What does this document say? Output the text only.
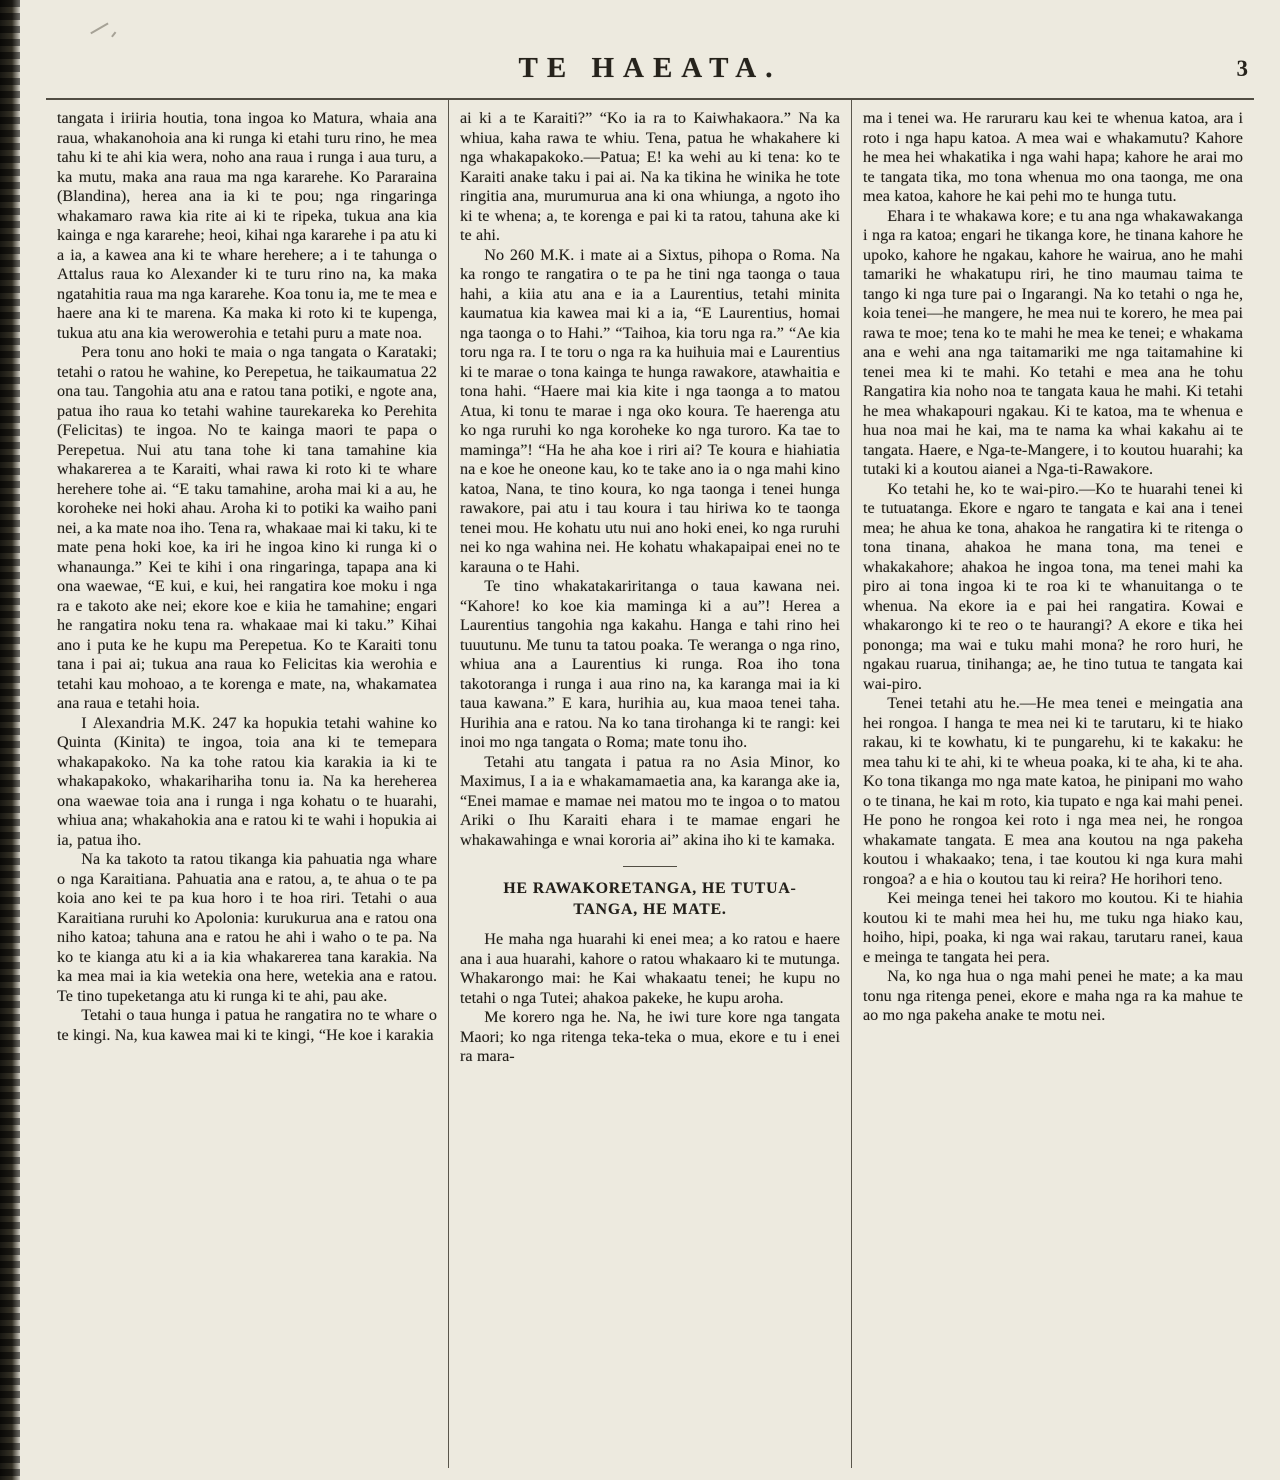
TE HAEATA.	3

tangata i iriiria houtia, tona ingoa ko Matura, whaia ana raua, whakanohoia ana ki runga ki etahi turu rino, he mea tahu ki te ahi kia wera, noho ana raua i runga i aua turu, a ka mutu, maka ana raua ma nga kararehe. Ko Pararaina (Blandina), herea ana ia ki te pou; nga ringaringa whakamaro rawa kia rite ai ki te ripeka, tukua ana kia kainga e nga kararehe; heoi, kihai nga kararehe i pa atu ki a ia, a kawea ana ki te whare herehere; a i te tahunga o Attalus raua ko Alexander ki te turu rino na, ka maka ngatahitia raua ma nga kararehe. Koa tonu ia, me te mea e haere ana ki te marena. Ka maka ki roto ki te kupenga, tukua atu ana kia werowerohia e tetahi puru a mate noa.

Pera tonu ano hoki te maia o nga tangata o Karataki; tetahi o ratou he wahine, ko Perepetua, he taikaumatua 22 ona tau. Tangohia atu ana e ratou tana potiki, e ngote ana, patua iho raua ko tetahi wahine taurekareka ko Perehita (Felicitas) te ingoa. No te kainga maori te papa o Perepetua. Nui atu tana tohe ki tana tamahine kia whakarerea a te Karaiti, whai rawa ki roto ki te whare herehere tohe ai. “E taku tamahine, aroha mai ki a au, he koroheke nei hoki ahau. Aroha ki to potiki ka waiho pani nei, a ka mate noa iho. Tena ra, whakaae mai ki taku, ki te mate pena hoki koe, ka iri he ingoa kino ki runga ki o whanaunga.” Kei te kihi i ona ringaringa, tapapa ana ki ona waewae, “E kui, e kui, hei rangatira koe moku i nga ra e takoto ake nei; ekore koe e kiia he tamahine; engari he rangatira noku tena ra. whakaae mai ki taku.” Kihai ano i puta ke he kupu ma Perepetua. Ko te Karaiti tonu tana i pai ai; tukua ana raua ko Felicitas kia werohia e tetahi kau mohoao, a te korenga e mate, na, whakamatea ana raua e tetahi hoia.

I Alexandria M.K. 247 ka hopukia tetahi wahine ko Quinta (Kinita) te ingoa, toia ana ki te temepara whakapakoko. Na ka tohe ratou kia karakia ia ki te whakapakoko, whakarihariha tonu ia. Na ka hereherea ona waewae toia ana i runga i nga kohatu o te huarahi, whiua ana; whakahokia ana e ratou ki te wahi i hopukia ai ia, patua iho.

Na ka takoto ta ratou tikanga kia pahuatia nga whare o nga Karaitiana. Pahuatia ana e ratou, a, te ahua o te pa koia ano kei te pa kua horo i te hoa riri. Tetahi o aua Karaitiana ruruhi ko Apolonia: kurukurua ana e ratou ona niho katoa; tahuna ana e ratou he ahi i waho o te pa. Na ko te kianga atu ki a ia kia whakarerea tana karakia. Na ka mea mai ia kia wetekia ona here, wetekia ana e ratou. Te tino tupeketanga atu ki runga ki te ahi, pau ake.

Tetahi o taua hunga i patua he rangatira no te whare o te kingi. Na, kua kawea mai ki te kingi, “He koe i karakia

ai ki a te Karaiti?” “Ko ia ra to Kaiwhakaora.” Na ka whiua, kaha rawa te whiu. Tena, patua he whakahere ki nga whakapakoko.—Patua; E! ka wehi au ki tena: ko te Karaiti anake taku i pai ai. Na ka tikina he winika he tote ringitia ana, murumurua ana ki ona whiunga, a ngoto iho ki te whena; a, te korenga e pai ki ta ratou, tahuna ake ki te ahi.

No 260 M.K. i mate ai a Sixtus, pihopa o Roma. Na ka rongo te rangatira o te pa he tini nga taonga o taua hahi, a kiia atu ana e ia a Laurentius, tetahi minita kaumatua kia kawea mai ki a ia, “E Laurentius, homai nga taonga o to Hahi.” “Taihoa, kia toru nga ra.” “Ae kia toru nga ra. I te toru o nga ra ka huihuia mai e Laurentius ki te marae o tona kainga te hunga rawakore, atawhaitia e tona hahi. “Haere mai kia kite i nga taonga a to matou Atua, ki tonu te marae i nga oko koura. Te haerenga atu ko nga ruruhi ko nga koroheke ko nga turoro. Ka tae to maminga”! “Ha he aha koe i riri ai? Te koura e hiahiatia na e koe he oneone kau, ko te take ano ia o nga mahi kino katoa, Nana, te tino koura, ko nga taonga i tenei hunga rawakore, pai atu i tau koura i tau hiriwa ko te taonga tenei mou. He kohatu utu nui ano hoki enei, ko nga ruruhi nei ko nga wahina nei. He kohatu whakapaipai enei no te karauna o te Hahi.

Te tino whakatakariritanga o taua kawana nei. “Kahore! ko koe kia maminga ki a au”! Herea a Laurentius tangohia nga kakahu. Hanga e tahi rino hei tuuutunu. Me tunu ta tatou poaka. Te weranga o nga rino, whiua ana a Laurentius ki runga. Roa iho tona takotoranga i runga i aua rino na, ka karanga mai ia ki taua kawana.” E kara, hurihia au, kua maoa tenei taha. Hurihia ana e ratou. Na ko tana tirohanga ki te rangi: kei inoi mo nga tangata o Roma; mate tonu iho.

Tetahi atu tangata i patua ra no Asia Minor, ko Maximus, I a ia e whakamamaetia ana, ka karanga ake ia, “Enei mamae e mamae nei matou mo te ingoa o to matou Ariki o Ihu Karaiti ehara i te mamae engari he whakawahinga e wnai kororia ai” akina iho ki te kamaka.

HE RAWAKORETANGA, HE TUTUA-TANGA, HE MATE.

He maha nga huarahi ki enei mea; a ko ratou e haere ana i aua huarahi, kahore o ratou whakaaro ki te mutunga. Whakarongo mai: he Kai whakaatu tenei; he kupu no tetahi o nga Tutei; ahakoa pakeke, he kupu aroha.

Me korero nga he. Na, he iwi ture kore nga tangata Maori; ko nga ritenga teka-teka o mua, ekore e tu i enei ra mara-

ma i tenei wa. He raruraru kau kei te whenua katoa, ara i roto i nga hapu katoa. A mea wai e whakamutu? Kahore he mea hei whakatika i nga wahi hapa; kahore he arai mo te tangata tika, mo tona whenua mo ona taonga, me ona mea katoa, kahore he kai pehi mo te hunga tutu.

Ehara i te whakawa kore; e tu ana nga whakawakanga i nga ra katoa; engari he tikanga kore, he tinana kahore he upoko, kahore he ngakau, kahore he wairua, ano he mahi tamariki he whakatupu riri, he tino maumau taima te tango ki nga ture pai o Ingarangi. Na ko tetahi o nga he, koia tenei—he mangere, he mea nui te korero, he mea pai rawa te moe; tena ko te mahi he mea ke tenei; e whakama ana e wehi ana nga taitamariki me nga taitamahine ki tenei mea ki te mahi. Ko tetahi e mea ana he tohu Rangatira kia noho noa te tangata kaua he mahi. Ki tetahi he mea whakapouri ngakau. Ki te katoa, ma te whenua e hua noa mai he kai, ma te nama ka whai kakahu ai te tangata. Haere, e Nga-te-Mangere, i to koutou huarahi; ka tutaki ki a koutou aianei a Nga-ti-Rawakore.

Ko tetahi he, ko te wai-piro.—Ko te huarahi tenei ki te tutuatanga. Ekore e ngaro te tangata e kai ana i tenei mea; he ahua ke tona, ahakoa he rangatira ki te ritenga o tona tinana, ahakoa he mana tona, ma tenei e whakakahore; ahakoa he ingoa tona, ma tenei mahi ka piro ai tona ingoa ki te roa ki te whanuitanga o te whenua. Na ekore ia e pai hei rangatira. Kowai e whakarongo ki te reo o te haurangi? A ekore e tika hei pononga; ma wai e tuku mahi mona? he roro huri, he ngakau ruarua, tinihanga; ae, he tino tutua te tangata kai wai-piro.

Tenei tetahi atu he.—He mea tenei e meingatia ana hei rongoa. I hanga te mea nei ki te tarutaru, ki te hiako rakau, ki te kowhatu, ki te pungarehu, ki te kakaku: he mea tahu ki te ahi, ki te wheua poaka, ki te aha, ki te aha. Ko tona tikanga mo nga mate katoa, he pinipani mo waho o te tinana, he kai m roto, kia tupato e nga kai mahi penei. He pono he rongoa kei roto i nga mea nei, he rongoa whakamate tangata. E mea ana koutou na nga pakeha koutou i whakaako; tena, i tae koutou ki nga kura mahi rongoa? a e hia o koutou tau ki reira? He horihori teno.

Kei meinga tenei hei takoro mo koutou. Ki te hiahia koutou ki te mahi mea hei hu, me tuku nga hiako kau, hoiho, hipi, poaka, ki nga wai rakau, tarutaru ranei, kaua e meinga te tangata hei pera.

Na, ko nga hua o nga mahi penei he mate; a ka mau tonu nga ritenga penei, ekore e maha nga ra ka mahue te ao mo nga pakeha anake te motu nei.
